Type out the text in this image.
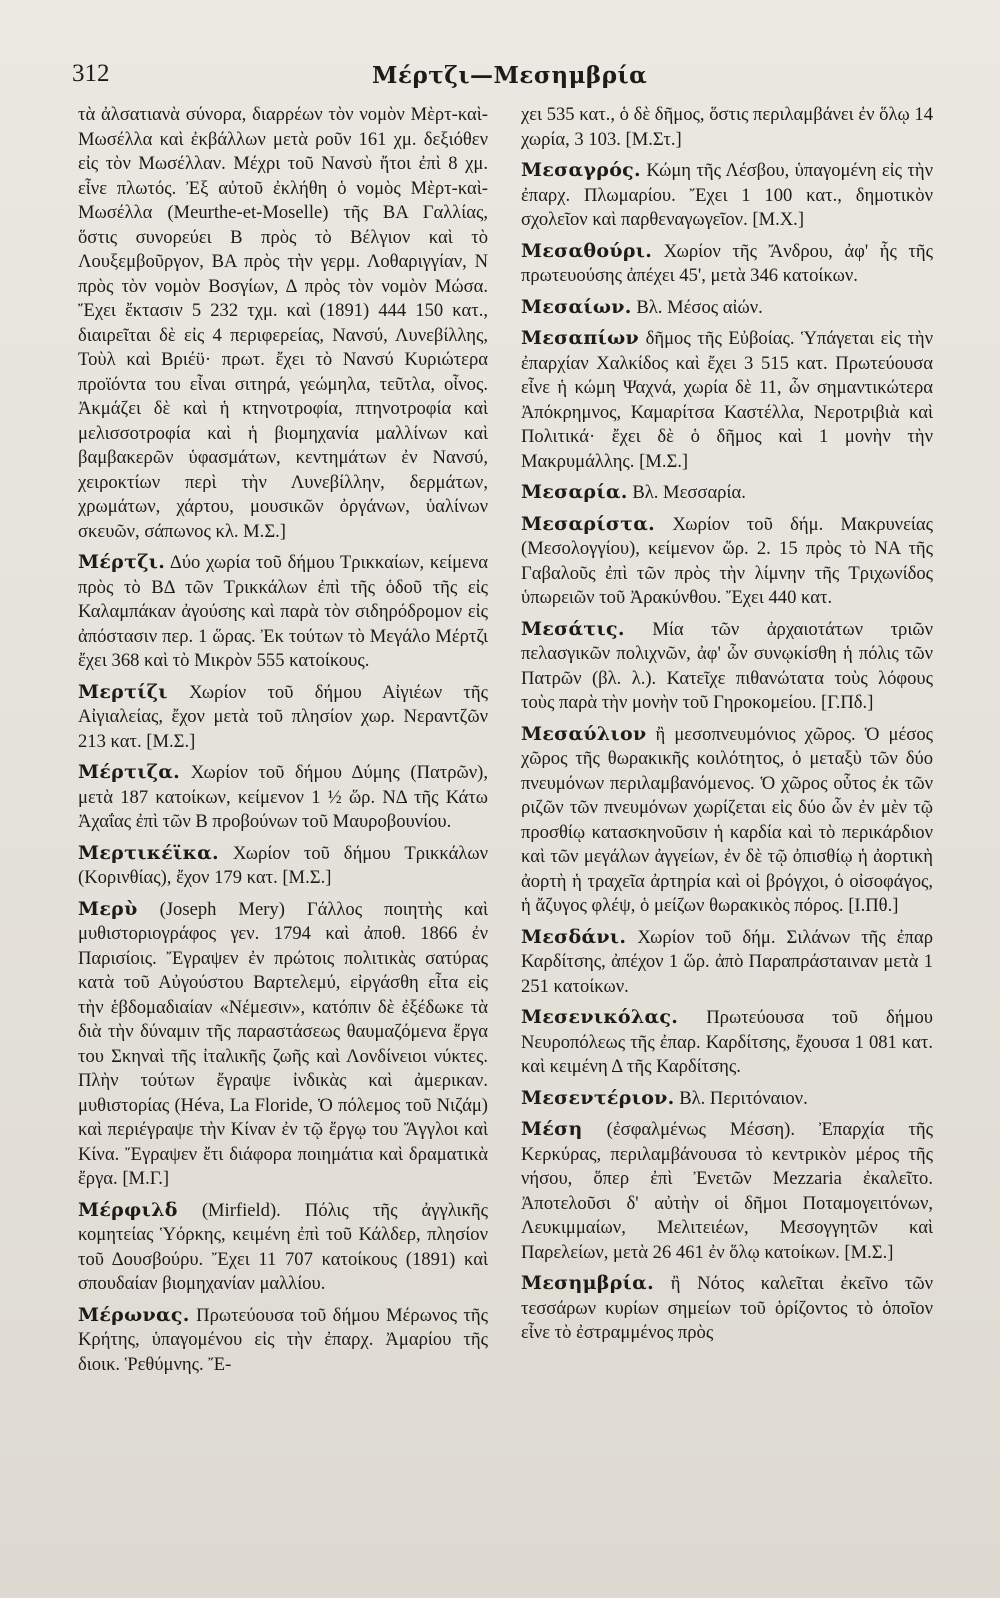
312	Μέρτζι—Μεσημβρία

τὰ ἀλσατιανὰ σύνορα, διαρρέων τὸν νομὸν Μὲρτ-καὶ-Μωσέλλα καὶ ἐκβάλλων μετὰ ροῦν 161 χμ. δεξιόθεν εἰς τὸν Μωσέλλαν. Μέχρι τοῦ Νανσὺ ἤτοι ἐπὶ 8 χμ. εἶνε πλωτός. Ἐξ αὐτοῦ ἐκλήθη ὁ νομὸς Μὲρτ-καὶ-Μωσέλλα (Meurthe-et-Moselle) τῆς ΒΑ Γαλλίας, ὅστις συνορεύει Β πρὸς τὸ Βέλγιον καὶ τὸ Λουξεμβοῦργον, ΒΑ πρὸς τὴν γερμ. Λοθαριγγίαν, Ν πρὸς τὸν νομὸν Βοσγίων, Δ πρὸς τὸν νομὸν Μώσα. Ἔχει ἔκτασιν 5 232 τχμ. καὶ (1891) 444 150 κατ., διαιρεῖται δὲ εἰς 4 περιφερείας, Νανσύ, Λυνεβίλλης, Τοὺλ καὶ Βριέϋ· πρωτ. ἔχει τὸ Νανσύ Κυριώτερα προϊόντα του εἶναι σιτηρά, γεώμηλα, τεῦτλα, οἶνος. Ἀκμάζει δὲ καὶ ἡ κτηνοτροφία, πτηνοτροφία καὶ μελισσοτροφία καὶ ἡ βιομηχανία μαλλίνων καὶ βαμβακερῶν ὑφασμάτων, κεντημάτων ἐν Νανσύ, χειροκτίων περὶ τὴν Λυνεβίλλην, δερμάτων, χρωμάτων, χάρτου, μουσικῶν ὀργάνων, ὑαλίνων σκευῶν, σάπωνος κλ. Μ.Σ.]

Μέρτζι. Δύο χωρία τοῦ δήμου Τρικκαίων, κείμενα πρὸς τὸ ΒΔ τῶν Τρικκάλων ἐπὶ τῆς ὁδοῦ τῆς εἰς Καλαμπάκαν ἀγούσης καὶ παρὰ τὸν σιδηρόδρομον εἰς ἀπόστασιν περ. 1 ὥρας. Ἐκ τούτων τὸ Μεγάλο Μέρτζι ἔχει 368 καὶ τὸ Μικρὸν 555 κατοίκους.

Μερτίζι Χωρίον τοῦ δήμου Αἰγιέων τῆς Αἰγιαλείας, ἔχον μετὰ τοῦ πλησίον χωρ. Νεραντζῶν 213 κατ. [Μ.Σ.]

Μέρτιζα. Χωρίον τοῦ δήμου Δύμης (Πατρῶν), μετὰ 187 κατοίκων, κείμενον 1 ½ ὥρ. ΝΔ τῆς Κάτω Ἀχαΐας ἐπὶ τῶν Β προβούνων τοῦ Μαυροβουνίου.

Μερτικέϊκα. Χωρίον τοῦ δήμου Τρικκάλων (Κορινθίας), ἔχον 179 κατ. [Μ.Σ.]

Μερὺ (Joseph Mery) Γάλλος ποιητὴς καὶ μυθιστοριογράφος γεν. 1794 καὶ ἀποθ. 1866 ἐν Παρισίοις. Ἔγραψεν ἐν πρώτοις πολιτικὰς σατύρας κατὰ τοῦ Αὐγούστου Βαρτελεμύ, εἰργάσθη εἶτα εἰς τὴν ἑβδομαδιαίαν «Νέμεσιν», κατόπιν δὲ ἐξέδωκε τὰ διὰ τὴν δύναμιν τῆς παραστάσεως θαυμαζόμενα ἔργα του Σκηναὶ τῆς ἰταλικῆς ζωῆς καὶ Λονδίνειοι νύκτες. Πλὴν τούτων ἔγραψε ἰνδικὰς καὶ ἀμερικαν. μυθιστορίας (Héva, La Floride, Ὁ πόλεμος τοῦ Νιζάμ) καὶ περιέγραψε τὴν Κίναν ἐν τῷ ἔργῳ του Ἄγγλοι καὶ Κίνα. Ἔγραψεν ἔτι διάφορα ποιημάτια καὶ δραματικὰ ἔργα. [Μ.Γ.]

Μέρφιλδ (Mirfield). Πόλις τῆς ἀγγλικῆς κομητείας Ὑόρκης, κειμένη ἐπὶ τοῦ Κάλδερ, πλησίον τοῦ Δουσβούρυ. Ἔχει 11 707 κατοίκους (1891) καὶ σπουδαίαν βιομηχανίαν μαλλίου.

Μέρωνας. Πρωτεύουσα τοῦ δήμου Μέρωνος τῆς Κρήτης, ὑπαγομένου εἰς τὴν ἐπαρχ. Ἀμαρίου τῆς διοικ. Ῥεθύμνης. Ἔ-

χει 535 κατ., ὁ δὲ δῆμος, ὅστις περιλαμβάνει ἐν ὅλῳ 14 χωρία, 3 103. [Μ.Στ.]

Μεσαγρός. Κώμη τῆς Λέσβου, ὑπαγομένη εἰς τὴν ἐπαρχ. Πλωμαρίου. Ἔχει 1 100 κατ., δημοτικὸν σχολεῖον καὶ παρθεναγωγεῖον. [Μ.Χ.]

Μεσαθούρι. Χωρίον τῆς Ἄνδρου, ἀφ' ἧς τῆς πρωτευούσης ἀπέχει 45', μετὰ 346 κατοίκων.

Μεσαίων. Βλ. Μέσος αἰών.

Μεσαπίων δῆμος τῆς Εὐβοίας. Ὑπάγεται εἰς τὴν ἐπαρχίαν Χαλκίδος καὶ ἔχει 3 515 κατ. Πρωτεύουσα εἶνε ἡ κώμη Ψαχνά, χωρία δὲ 11, ὧν σημαντικώτερα Ἀπόκρημνος, Καμαρίτσα Καστέλλα, Νεροτριβιὰ καὶ Πολιτικά· ἔχει δὲ ὁ δῆμος καὶ 1 μονὴν τὴν Μακρυμάλλης. [Μ.Σ.]

Μεσαρία. Βλ. Μεσσαρία.

Μεσαρίστα. Χωρίον τοῦ δήμ. Μακρυνείας (Μεσολογγίου), κείμενον ὥρ. 2. 15 πρὸς τὸ ΝΑ τῆς Γαβαλοῦς ἐπὶ τῶν πρὸς τὴν λίμνην τῆς Τριχωνίδος ὑπωρειῶν τοῦ Ἀρακύνθου. Ἔχει 440 κατ.

Μεσάτις. Μία τῶν ἀρχαιοτάτων τριῶν πελασγικῶν πολιχνῶν, ἀφ' ὧν συνῳκίσθη ἡ πόλις τῶν Πατρῶν (βλ. λ.). Κατεῖχε πιθανώτατα τοὺς λόφους τοὺς παρὰ τὴν μονὴν τοῦ Γηροκομείου. [Γ.Πδ.]

Μεσαύλιον ἢ μεσοπνευμόνιος χῶρος. Ὁ μέσος χῶρος τῆς θωρακικῆς κοιλότητος, ὁ μεταξὺ τῶν δύο πνευμόνων περιλαμβανόμενος. Ὁ χῶρος οὗτος ἐκ τῶν ριζῶν τῶν πνευμόνων χωρίζεται εἰς δύο ὧν ἐν μὲν τῷ προσθίῳ κατασκηνοῦσιν ἡ καρδία καὶ τὸ περικάρδιον καὶ τῶν μεγάλων ἀγγείων, ἐν δὲ τῷ ὀπισθίῳ ἡ ἀορτικὴ ἀορτὴ ἡ τραχεῖα ἀρτηρία καὶ οἱ βρόγχοι, ὁ οἰσοφάγος, ἡ ἄζυγος φλέψ, ὁ μείζων θωρακικὸς πόρος. [Ι.Πθ.]

Μεσδάνι. Χωρίον τοῦ δήμ. Σιλάνων τῆς ἐπαρ Καρδίτσης, ἀπέχον 1 ὥρ. ἀπὸ Παραπράσταιναν μετὰ 1 251 κατοίκων.

Μεσενικόλας. Πρωτεύουσα τοῦ δήμου Νευροπόλεως τῆς ἐπαρ. Καρδίτσης, ἔχουσα 1 081 κατ. καὶ κειμένη Δ τῆς Καρδίτσης.

Μεσεντέριον. Βλ. Περιτόναιον.

Μέση (ἐσφαλμένως Μέσση). Ἐπαρχία τῆς Κερκύρας, περιλαμβάνουσα τὸ κεντρικὸν μέρος τῆς νήσου, ὅπερ ἐπὶ Ἐνετῶν Mezzaria ἐκαλεῖτο. Ἀποτελοῦσι δ' αὐτὴν οἱ δῆμοι Ποταμογειτόνων, Λευκιμμαίων, Μελιτειέων, Μεσογγητῶν καὶ Παρελείων, μετὰ 26 461 ἐν ὅλῳ κατοίκων. [Μ.Σ.]

Μεσημβρία. ἢ Νότος καλεῖται ἐκεῖνο τῶν τεσσάρων κυρίων σημείων τοῦ ὁρίζοντος τὸ ὁποῖον εἶνε τὸ ἐστραμμένος πρὸς
